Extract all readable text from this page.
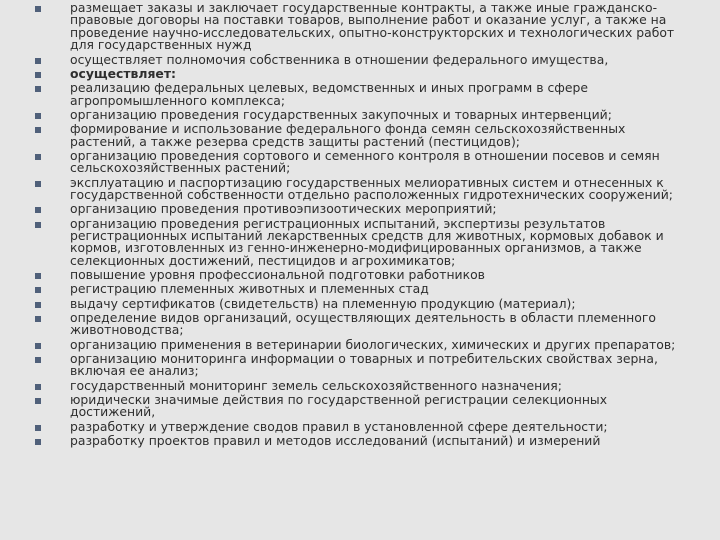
размещает заказы и заключает государственные контракты, а также иные гражданско-правовые договоры на поставки товаров, выполнение работ и оказание услуг, а также на проведение научно-исследовательских, опытно-конструкторских и технологических работ для государственных нужд
осуществляет полномочия собственника в отношении федерального имущества,
осуществляет:
реализацию федеральных целевых, ведомственных и иных программ в сфере агропромышленного комплекса;
организацию проведения государственных закупочных и товарных интервенций;
формирование и использование федерального фонда семян сельскохозяйственных растений, а также резерва средств защиты растений (пестицидов);
организацию проведения сортового и семенного контроля в отношении посевов и семян сельскохозяйственных растений;
эксплуатацию и паспортизацию государственных мелиоративных систем и отнесенных к государственной собственности отдельно расположенных гидротехнических сооружений;
организацию проведения противоэпизоотических мероприятий;
организацию проведения регистрационных испытаний, экспертизы результатов регистрационных испытаний лекарственных средств для животных, кормовых добавок и кормов, изготовленных из генно-инженерно-модифицированных организмов, а также селекционных достижений, пестицидов и агрохимикатов;
повышение уровня профессиональной подготовки работников
регистрацию племенных животных и племенных стад
выдачу сертификатов (свидетельств) на племенную продукцию (материал);
определение видов организаций, осуществляющих деятельность в области племенного животноводства;
организацию применения в ветеринарии биологических, химических и других препаратов;
организацию мониторинга информации о товарных и потребительских свойствах зерна, включая ее анализ;
государственный мониторинг земель сельскохозяйственного назначения;
юридически значимые действия по государственной регистрации селекционных достижений,
разработку и утверждение сводов правил в установленной сфере деятельности;
разработку проектов правил и методов исследований (испытаний) и измерений
